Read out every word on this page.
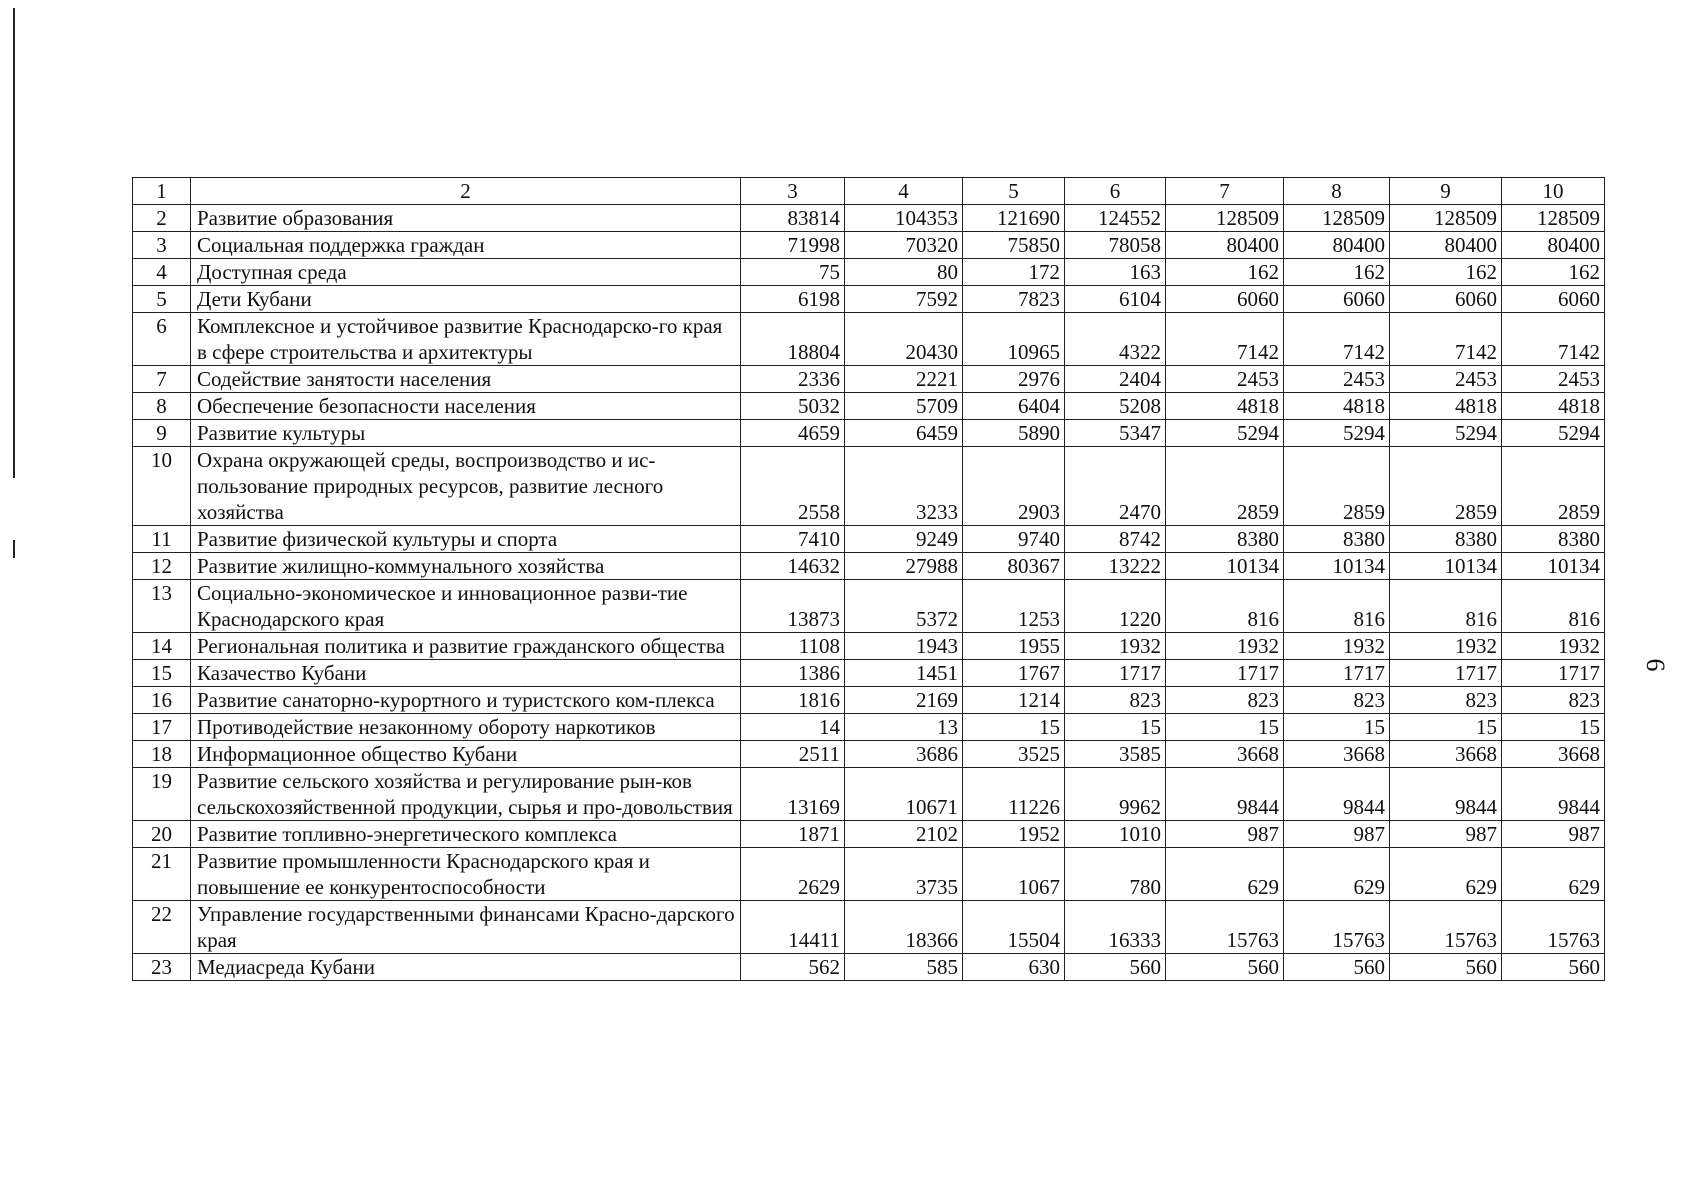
6
1	2	3	4	5	6	7	8	9	10
2	Развитие образования	83814	104353	121690	124552	128509	128509	128509	128509
3	Социальная поддержка граждан	71998	70320	75850	78058	80400	80400	80400	80400
4	Доступная среда	75	80	172	163	162	162	162	162
5	Дети Кубани	6198	7592	7823	6104	6060	6060	6060	6060
6	Комплексное и устойчивое развитие Краснодарско-го края в сфере строительства и архитектуры	18804	20430	10965	4322	7142	7142	7142	7142
7	Содействие занятости населения	2336	2221	2976	2404	2453	2453	2453	2453
8	Обеспечение безопасности населения	5032	5709	6404	5208	4818	4818	4818	4818
9	Развитие культуры	4659	6459	5890	5347	5294	5294	5294	5294
10	Охрана окружающей среды, воспроизводство и ис-пользование природных ресурсов, развитие лесного хозяйства	2558	3233	2903	2470	2859	2859	2859	2859
11	Развитие физической культуры и спорта	7410	9249	9740	8742	8380	8380	8380	8380
12	Развитие жилищно-коммунального хозяйства	14632	27988	80367	13222	10134	10134	10134	10134
13	Социально-экономическое и инновационное разви-тие Краснодарского края	13873	5372	1253	1220	816	816	816	816
14	Региональная политика и развитие гражданского общества	1108	1943	1955	1932	1932	1932	1932	1932
15	Казачество Кубани	1386	1451	1767	1717	1717	1717	1717	1717
16	Развитие санаторно-курортного и туристского ком-плекса	1816	2169	1214	823	823	823	823	823
17	Противодействие незаконному обороту наркотиков	14	13	15	15	15	15	15	15
18	Информационное общество Кубани	2511	3686	3525	3585	3668	3668	3668	3668
19	Развитие сельского хозяйства и регулирование рын-ков сельскохозяйственной продукции, сырья и про-довольствия	13169	10671	11226	9962	9844	9844	9844	9844
20	Развитие топливно-энергетического комплекса	1871	2102	1952	1010	987	987	987	987
21	Развитие промышленности Краснодарского края и повышение ее конкурентоспособности	2629	3735	1067	780	629	629	629	629
22	Управление государственными финансами Красно-дарского края	14411	18366	15504	16333	15763	15763	15763	15763
23	Медиасреда Кубани	562	585	630	560	560	560	560	560
